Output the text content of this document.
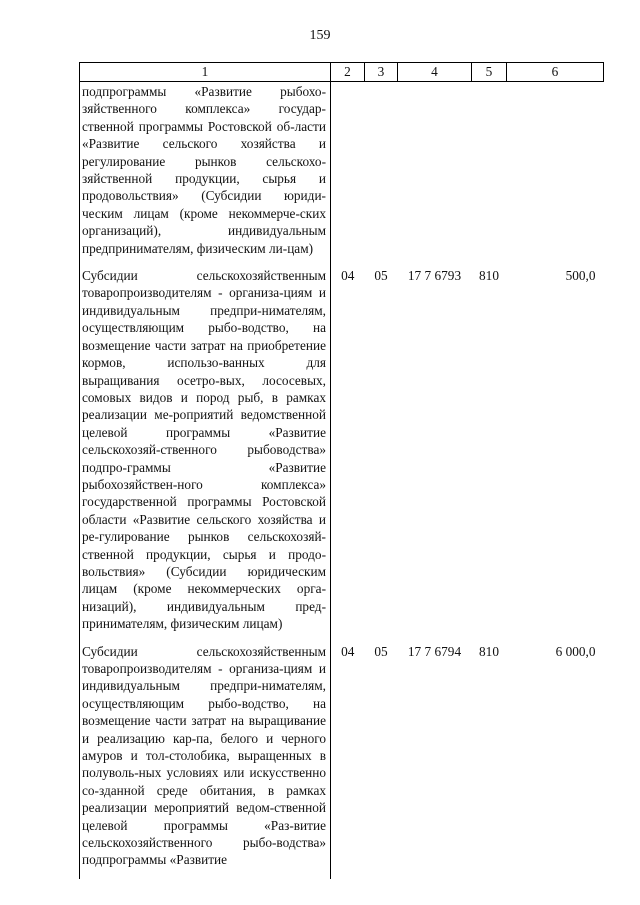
159
1	2	3	4	5	6
подпрограммы «Развитие рыбохо-зяйственного комплекса» государ-ственной программы Ростовской об-ласти «Развитие сельского хозяйства и регулирование рынков сельскохо-зяйственной продукции, сырья и продовольствия» (Субсидии юриди-ческим лицам (кроме некоммерче-ских организаций), индивидуальным предпринимателям, физическим ли-цам)					
Субсидии сельскохозяйственным товаропроизводителям - организа-циям и индивидуальным предпри-нимателям, осуществляющим рыбо-водство, на возмещение части затрат на приобретение кормов, использо-ванных для выращивания осетро-вых, лососевых, сомовых видов и пород рыб, в рамках реализации ме-роприятий ведомственной целевой программы «Развитие сельскохозяй-ственного рыбоводства» подпро-граммы «Развитие рыбохозяйствен-ного комплекса» государственной программы Ростовской области «Развитие сельского хозяйства и ре-гулирование рынков сельскохозяй-ственной продукции, сырья и продо-вольствия» (Субсидии юридическим лицам (кроме некоммерческих орга-низаций), индивидуальным пред-принимателям, физическим лицам)	04	05	17 7 6793	810	500,0
Субсидии сельскохозяйственным товаропроизводителям - организа-циям и индивидуальным предпри-нимателям, осуществляющим рыбо-водство, на возмещение части затрат на выращивание и реализацию кар-па, белого и черного амуров и тол-столобика, выращенных в полуволь-ных условиях или искусственно со-зданной среде обитания, в рамках реализации мероприятий ведом-ственной целевой программы «Раз-витие сельскохозяйственного рыбо-водства» подпрограммы «Развитие	04	05	17 7 6794	810	6 000,0
